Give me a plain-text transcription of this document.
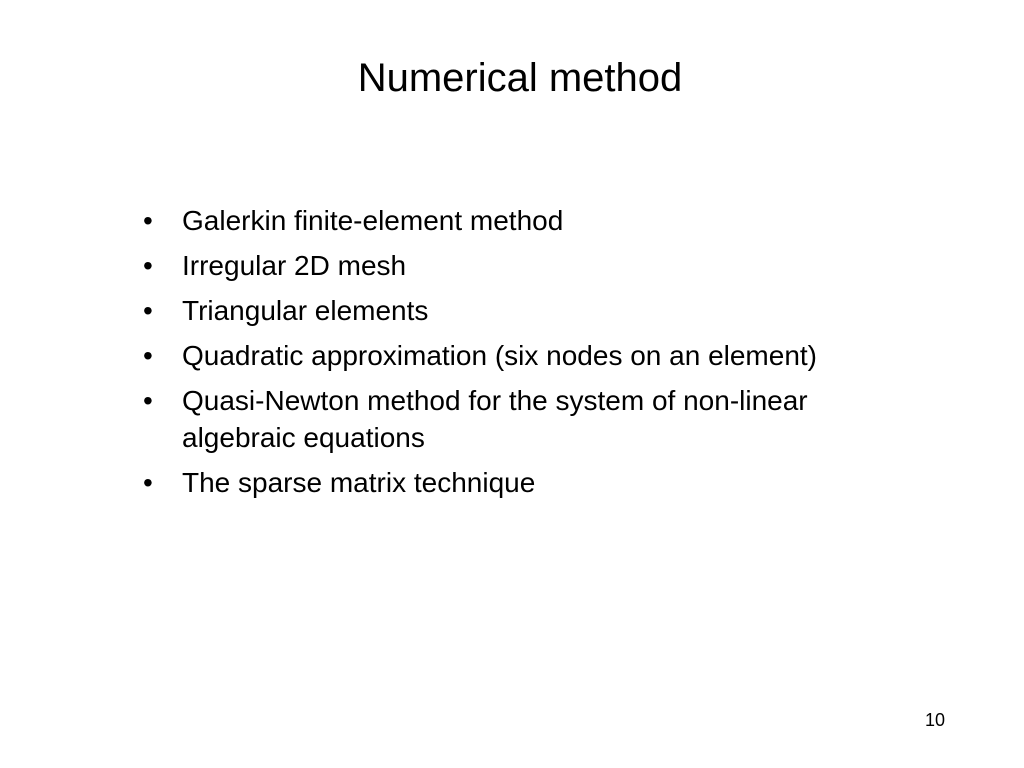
Numerical method
•	Galerkin finite-element method
•	Irregular 2D mesh
•	Triangular elements
•	Quadratic approximation (six nodes on an element)
•	Quasi-Newton method for the system of non-linear algebraic equations
•	The sparse matrix technique
10
